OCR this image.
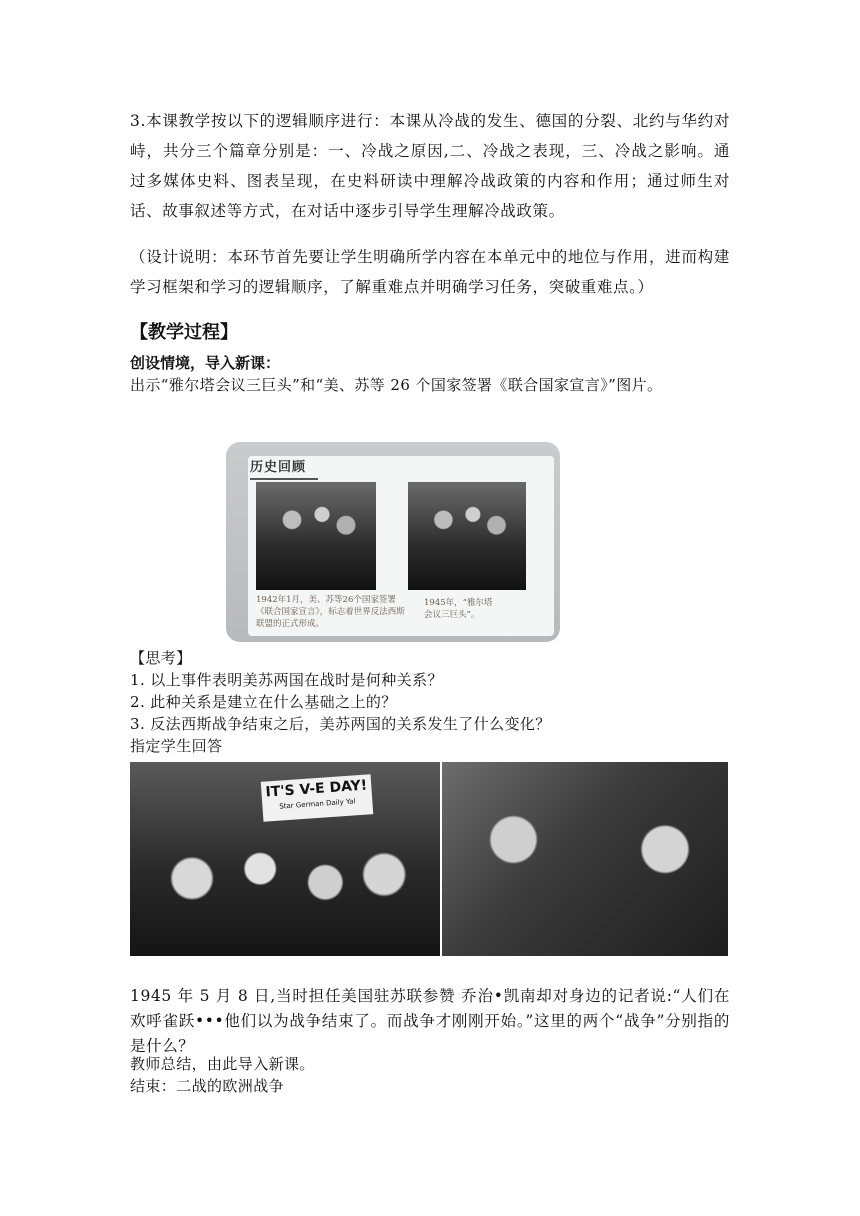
3.本课教学按以下的逻辑顺序进行：本课从冷战的发生、德国的分裂、北约与华约对峙，共分三个篇章分别是：一、冷战之原因,二、冷战之表现，三、冷战之影响。通过多媒体史料、图表呈现，在史料研读中理解冷战政策的内容和作用；通过师生对话、故事叙述等方式，在对话中逐步引导学生理解冷战政策。
（设计说明：本环节首先要让学生明确所学内容在本单元中的地位与作用，进而构建学习框架和学习的逻辑顺序，了解重难点并明确学习任务，突破重难点。）
【教学过程】
创设情境，导入新课：
出示“雅尔塔会议三巨头”和“美、苏等 26 个国家签署《联合国家宣言》”图片。
历史回顾
1942年1月，美、苏等26个国家签署《联合国家宣言》，标志着世界反法西斯联盟的正式形成。
1945年，“雅尔塔会议三巨头”。
【思考】
1. 以上事件表明美苏两国在战时是何种关系？
2. 此种关系是建立在什么基础之上的？
3. 反法西斯战争结束之后，美苏两国的关系发生了什么变化？
指定学生回答
IT'S V-E DAY!
Star German Daily Yal
1945 年 5 月 8 日,当时担任美国驻苏联参赞 乔治•凯南却对身边的记者说:“人们在欢呼雀跃•••他们以为战争结束了。而战争才刚刚开始。”这里的两个“战争”分别指的是什么？
教师总结，由此导入新课。
结束：二战的欧洲战争
